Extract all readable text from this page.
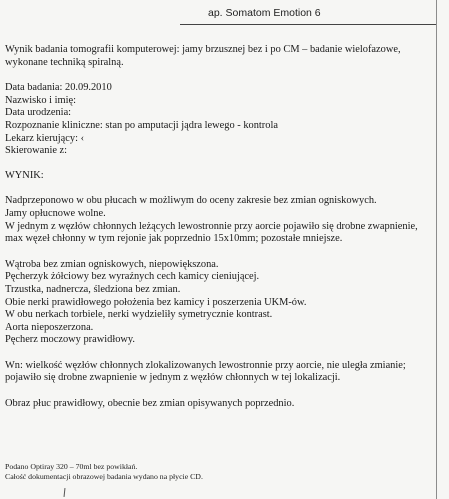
ap. Somatom Emotion 6
Wynik badania tomografii komputerowej: jamy brzusznej bez i po CM – badanie wielofazowe, wykonane techniką spiralną.
Data badania: 20.09.2010
Nazwisko i imię:
Data urodzenia:
Rozpoznanie kliniczne: stan po amputacji jądra lewego - kontrola
Lekarz kierujący: ‹
Skierowanie z:
WYNIK:
Nadprzeponowo w obu płucach w możliwym do oceny zakresie bez zmian ogniskowych.
Jamy opłucnowe wolne.
W jednym z węzłów chłonnych leżących lewostronnie przy aorcie pojawiło się drobne zwapnienie, max węzeł chłonny w tym rejonie jak poprzednio 15x10mm; pozostałe mniejsze.
Wątroba bez zmian ogniskowych, niepowiększona.
Pęcherzyk żółciowy bez wyraźnych cech kamicy cieniującej.
Trzustka, nadnercza, śledziona bez zmian.
Obie nerki prawidłowego położenia bez kamicy i poszerzenia UKM-ów.
W obu nerkach torbiele, nerki wydzieliły symetrycznie kontrast.
Aorta nieposzerzona.
Pęcherz moczowy prawidłowy.
Wn: wielkość węzłów chłonnych zlokalizowanych lewostronnie przy aorcie, nie uległa zmianie; pojawiło się drobne zwapnienie w jednym z węzłów chłonnych w tej lokalizacji.
Obraz płuc prawidłowy, obecnie bez zmian opisywanych poprzednio.
Podano Optiray 320 – 70ml bez powikłań.
Całość dokumentacji obrazowej badania wydano na płycie CD.
